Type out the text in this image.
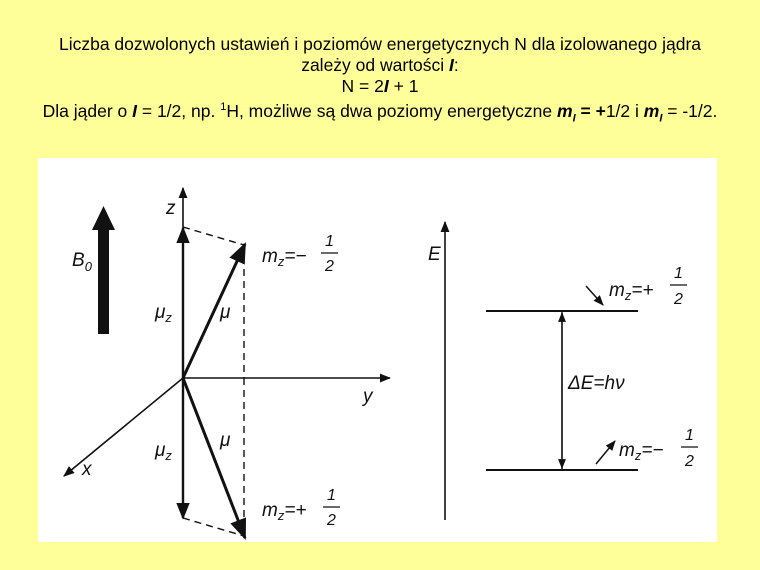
Liczba dozwolonych ustawień i poziomów energetycznych N dla izolowanego jądra
zależy od wartości I:
N = 2I + 1
Dla jąder o I = 1/2, np. $^1$H, możliwe są dwa poziomy energetyczne $m_I = +1/2$ i $m_I = -1/2$.
$B_0$
z
y
x
$\mu_z$
$\mu_z$
μ
μ
$m_z=-$
1
2
$m_z=+$
1
2
E
ΔE=hν
$m_z=+$
1
2
$m_z=-$
1
2
